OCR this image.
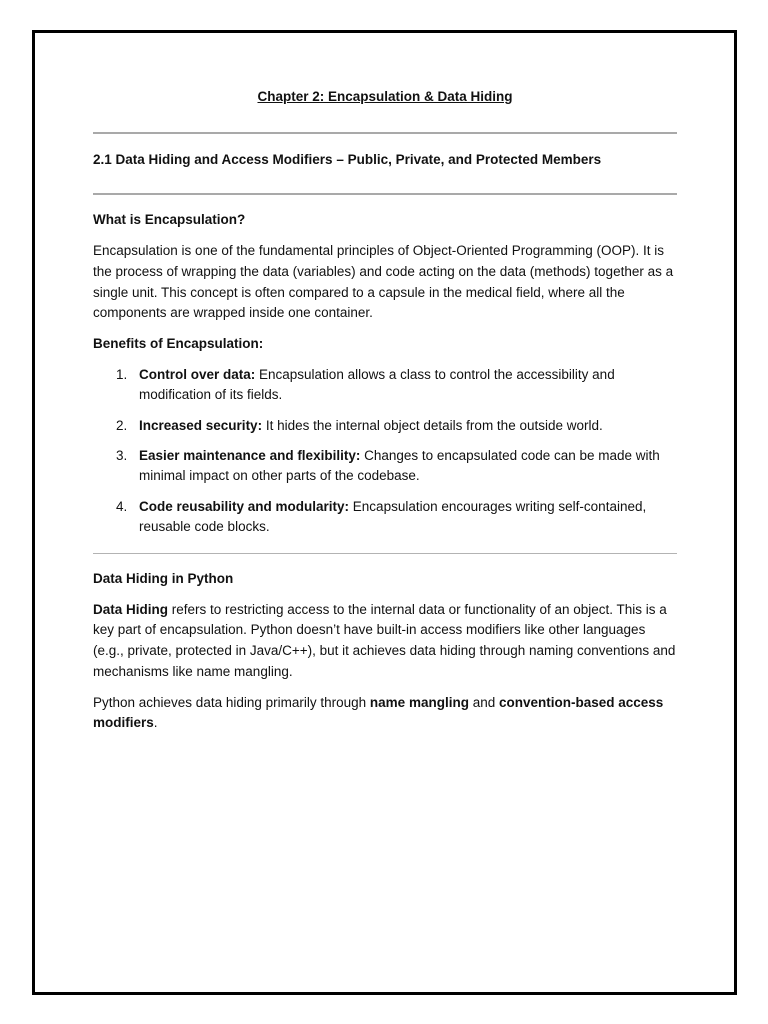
Chapter 2: Encapsulation & Data Hiding

2.1 Data Hiding and Access Modifiers – Public, Private, and Protected Members

What is Encapsulation?

Encapsulation is one of the fundamental principles of Object-Oriented Programming (OOP). It is the process of wrapping the data (variables) and code acting on the data (methods) together as a single unit. This concept is often compared to a capsule in the medical field, where all the components are wrapped inside one container.

Benefits of Encapsulation:

1. Control over data: Encapsulation allows a class to control the accessibility and modification of its fields.
2. Increased security: It hides the internal object details from the outside world.
3. Easier maintenance and flexibility: Changes to encapsulated code can be made with minimal impact on other parts of the codebase.
4. Code reusability and modularity: Encapsulation encourages writing self-contained, reusable code blocks.

Data Hiding in Python

Data Hiding refers to restricting access to the internal data or functionality of an object. This is a key part of encapsulation. Python doesn’t have built-in access modifiers like other languages (e.g., private, protected in Java/C++), but it achieves data hiding through naming conventions and mechanisms like name mangling.

Python achieves data hiding primarily through name mangling and convention-based access modifiers.
